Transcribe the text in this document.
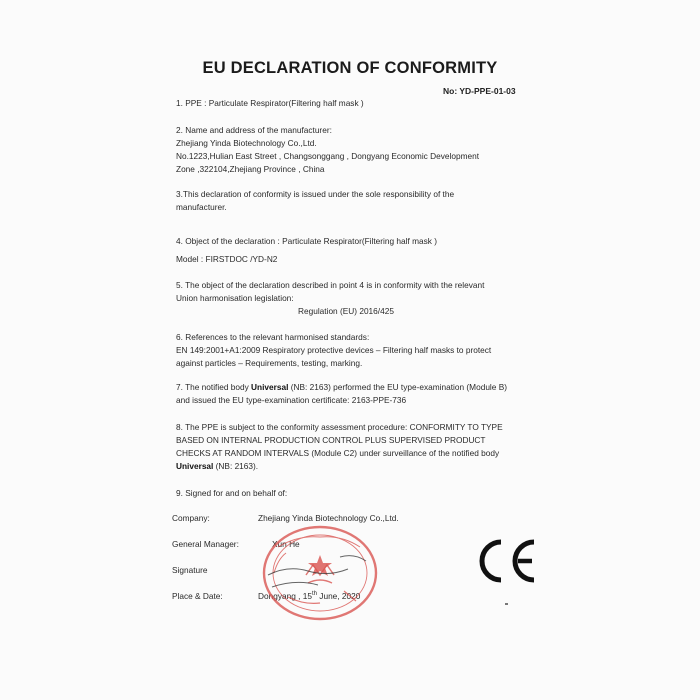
EU DECLARATION OF CONFORMITY
No: YD-PPE-01-03
1. PPE : Particulate Respirator(Filtering half mask )
2. Name and address of the manufacturer:
Zhejiang Yinda Biotechnology Co.,Ltd.
No.1223,Hulian East Street , Changsonggang , Dongyang Economic Development
Zone ,322104,Zhejiang Province , China
3.This declaration of conformity is issued under the sole responsibility of the
manufacturer.
4. Object of the declaration : Particulate Respirator(Filtering half mask )
Model : FIRSTDOC /YD-N2
5. The object of the declaration described in point 4 is in conformity with the relevant
Union harmonisation legislation:
Regulation (EU) 2016/425
6. References to the relevant harmonised standards:
EN 149:2001+A1:2009 Respiratory protective devices – Filtering half masks to protect
against particles – Requirements, testing, marking.
7. The notified body Universal (NB: 2163) performed the EU type-examination (Module B)
and issued the EU type-examination certificate: 2163-PPE-736
8. The PPE is subject to the conformity assessment procedure: CONFORMITY TO TYPE
BASED ON INTERNAL PRODUCTION CONTROL PLUS SUPERVISED PRODUCT
CHECKS AT RANDOM INTERVALS (Module C2) under surveillance of the notified body
Universal (NB: 2163).
9. Signed for and on behalf of:
Company:	Zhejiang Yinda Biotechnology Co.,Ltd.
General Manager:	Xun He
Signature
Place & Date:	Dongyang , 15th June, 2020
